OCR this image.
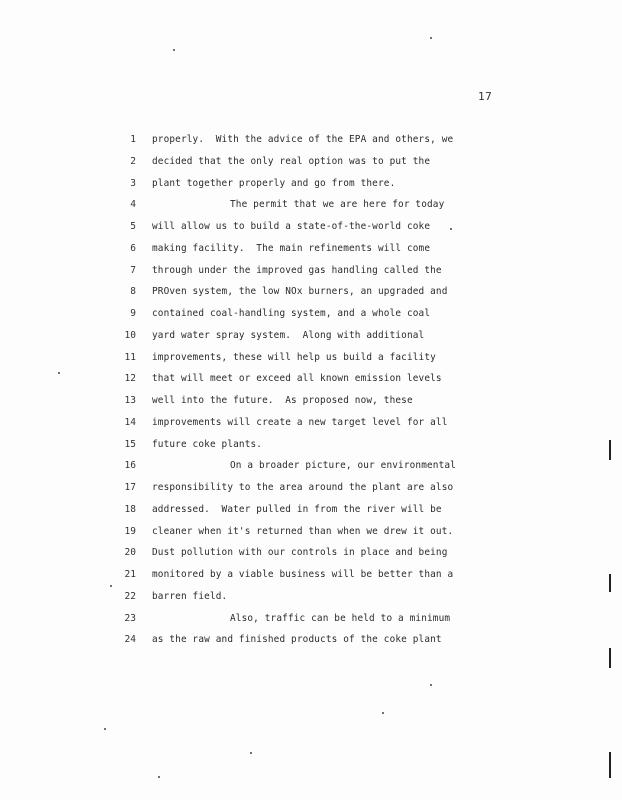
17
1 properly.  With the advice of the EPA and others, we
2 decided that the only real option was to put the
3 plant together properly and go from there.
4	The permit that we are here for today
5 will allow us to build a state-of-the-world coke
6 making facility.  The main refinements will come
7 through under the improved gas handling called the
8 PROven system, the low NOx burners, an upgraded and
9 contained coal-handling system, and a whole coal
10 yard water spray system.  Along with additional
11 improvements, these will help us build a facility
12 that will meet or exceed all known emission levels
13 well into the future.  As proposed now, these
14 improvements will create a new target level for all
15 future coke plants.
16	On a broader picture, our environmental
17 responsibility to the area around the plant are also
18 addressed.  Water pulled in from the river will be
19 cleaner when it's returned than when we drew it out.
20 Dust pollution with our controls in place and being
21 monitored by a viable business will be better than a
22 barren field.
23	Also, traffic can be held to a minimum
24 as the raw and finished products of the coke plant
